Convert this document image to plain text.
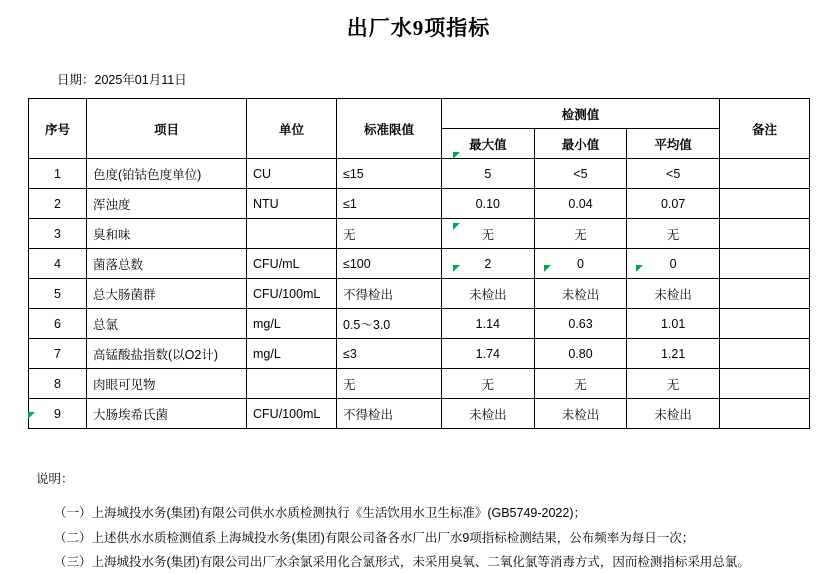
出厂水9项指标
日期：2025年01月11日
序号	项目	单位	标准限值	检测值			备注
				最大值	最小值	平均值	
1	色度(铂钴色度单位)	CU	≤15	5	<5	<5	
2	浑浊度	NTU	≤1	0.10	0.04	0.07	
3	臭和味		无	无	无	无	
4	菌落总数	CFU/mL	≤100	2	0	0	
5	总大肠菌群	CFU/100mL	不得检出	未检出	未检出	未检出	
6	总氯	mg/L	0.5～3.0	1.14	0.63	1.01	
7	高锰酸盐指数(以O2计)	mg/L	≤3	1.74	0.80	1.21	
8	肉眼可见物		无	无	无	无	
9	大肠埃希氏菌	CFU/100mL	不得检出	未检出	未检出	未检出	
说明：
（一）上海城投水务(集团)有限公司供水水质检测执行《生活饮用水卫生标准》(GB5749-2022)；
（二）上述供水水质检测值系上海城投水务(集团)有限公司备各水厂出厂水9项指标检测结果，公布频率为每日一次；
（三）上海城投水务(集团)有限公司出厂水余氯采用化合氯形式，未采用臭氧、二氧化氯等消毒方式，因而检测指标采用总氯。
